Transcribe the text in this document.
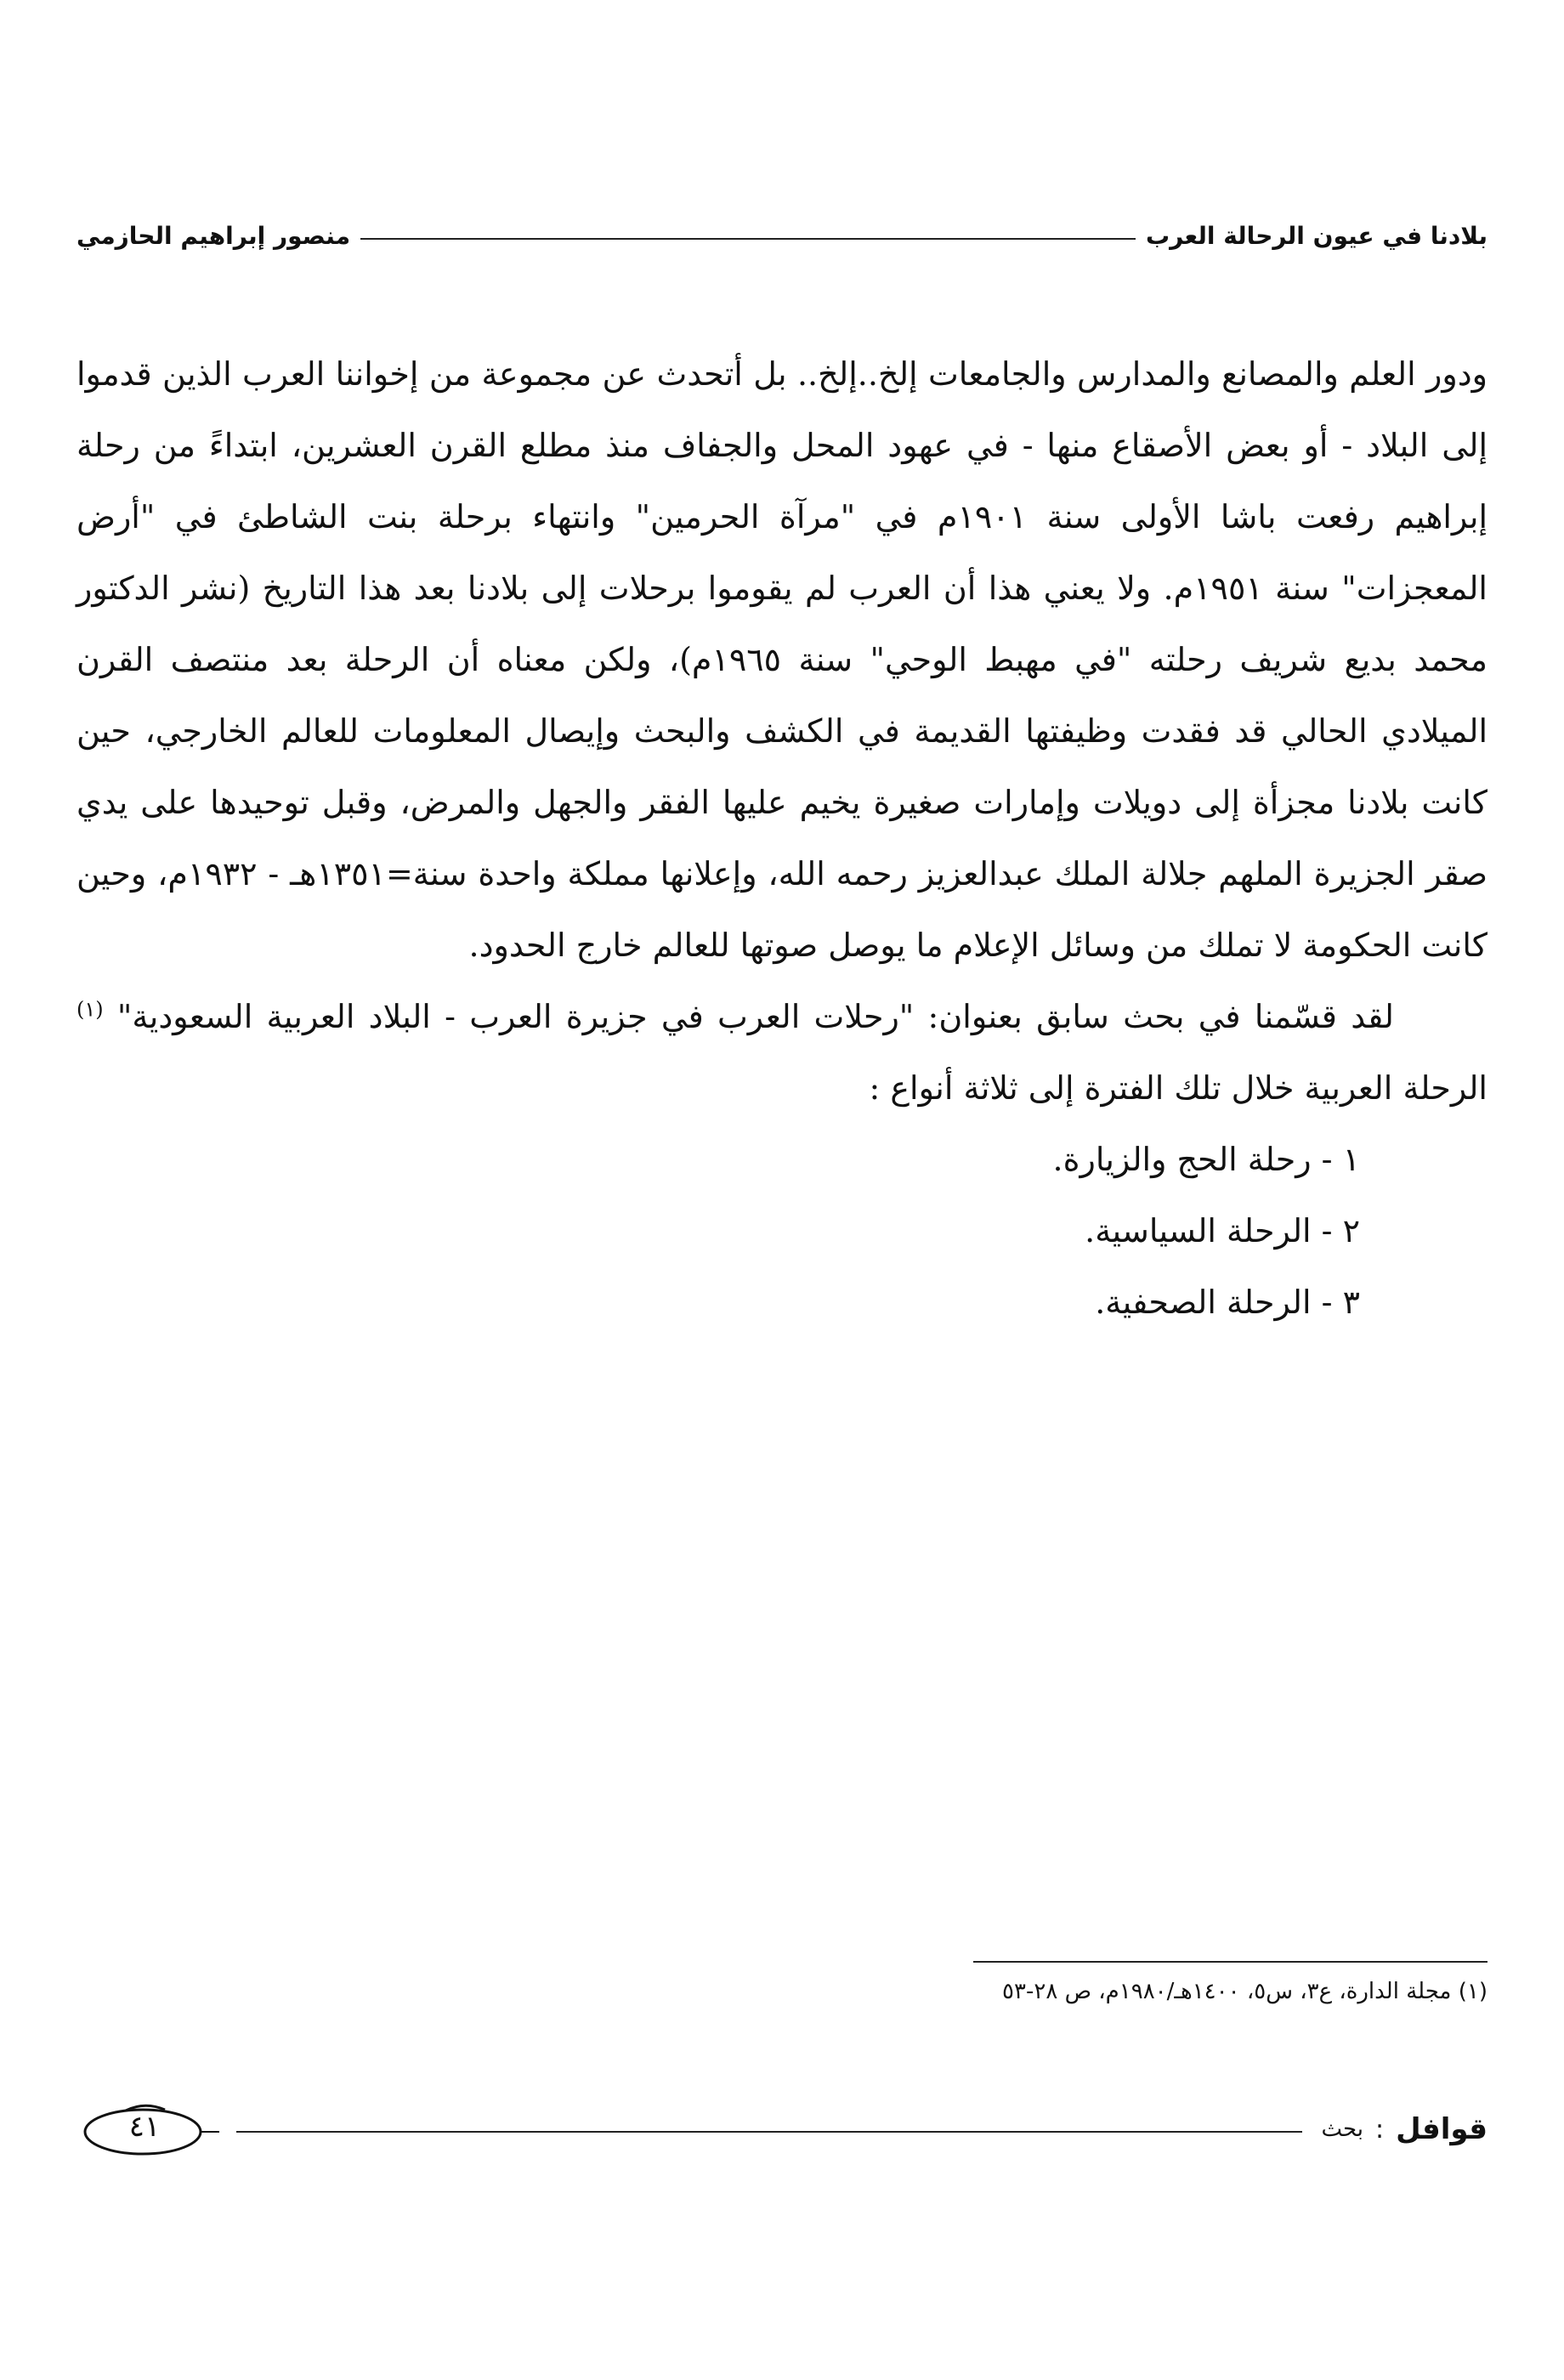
بلادنا في عيون الرحالة العرب
منصور إبراهيم الحازمي

ودور العلم والمصانع والمدارس والجامعات إلخ..إلخ.. بل أتحدث عن مجموعة من إخواننا العرب الذين قدموا إلى البلاد - أو بعض الأصقاع منها - في عهود المحل والجفاف منذ مطلع القرن العشرين، ابتداءً من رحلة إبراهيم رفعت باشا الأولى سنة ١٩٠١م في "مرآة الحرمين" وانتهاء برحلة بنت الشاطئ في "أرض المعجزات" سنة ١٩٥١م. ولا يعني هذا أن العرب لم يقوموا برحلات إلى بلادنا بعد هذا التاريخ (نشر الدكتور محمد بديع شريف رحلته "في مهبط الوحي" سنة ١٩٦٥م)، ولكن معناه أن الرحلة بعد منتصف القرن الميلادي الحالي قد فقدت وظيفتها القديمة في الكشف والبحث وإيصال المعلومات للعالم الخارجي، حين كانت بلادنا مجزأة إلى دويلات وإمارات صغيرة يخيم عليها الفقر والجهل والمرض، وقبل توحيدها على يدي صقر الجزيرة الملهم جلالة الملك عبدالعزيز رحمه الله، وإعلانها مملكة واحدة سنة=١٣٥١هـ - ١٩٣٢م، وحين كانت الحكومة لا تملك من وسائل الإعلام ما يوصل صوتها للعالم خارج الحدود.

لقد قسّمنا في بحث سابق بعنوان: "رحلات العرب في جزيرة العرب - البلاد العربية السعودية" $^{(١)}$ الرحلة العربية خلال تلك الفترة إلى ثلاثة أنواع :

١ - رحلة الحج والزيارة.
٢ - الرحلة السياسية.
٣ - الرحلة الصحفية.
(١) مجلة الدارة، ع٣، س٥، ١٤٠٠هـ/١٩٨٠م، ص ٢٨-٥٣
قوافل
:
بحث
٤١
